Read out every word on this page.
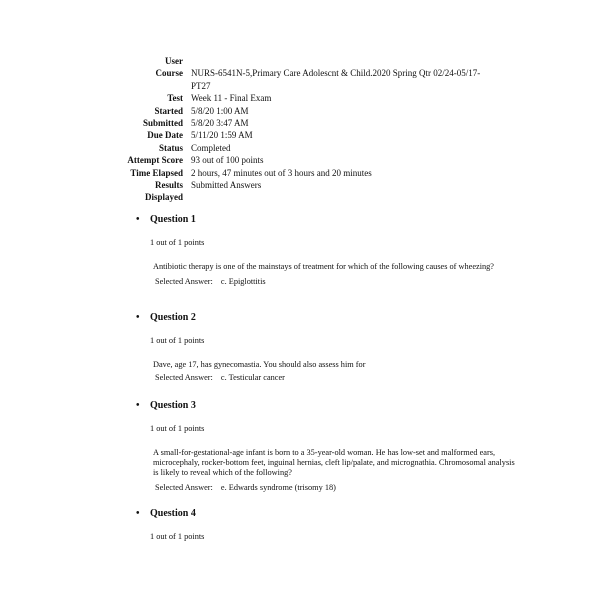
User
Course NURS-6541N-5,Primary Care Adolescnt & Child.2020 Spring Qtr 02/24-05/17-PT27
Test Week 11 - Final Exam
Started 5/8/20 1:00 AM
Submitted 5/8/20 3:47 AM
Due Date 5/11/20 1:59 AM
Status Completed
Attempt Score 93 out of 100 points
Time Elapsed 2 hours, 47 minutes out of 3 hours and 20 minutes
Results Displayed
Submitted Answers
•	Question 1
1 out of 1 points
Antibiotic therapy is one of the mainstays of treatment for which of the following causes of wheezing?
Selected Answer: c. Epiglottitis
•	Question 2
1 out of 1 points
Dave, age 17, has gynecomastia. You should also assess him for
Selected Answer: c. Testicular cancer
•	Question 3
1 out of 1 points
A small-for-gestational-age infant is born to a 35-year-old woman. He has low-set and malformed ears, microcephaly, rocker-bottom feet, inguinal hernias, cleft lip/palate, and micrognathia. Chromosomal analysis is likely to reveal which of the following?
Selected Answer: e. Edwards syndrome (trisomy 18)
•	Question 4
1 out of 1 points
